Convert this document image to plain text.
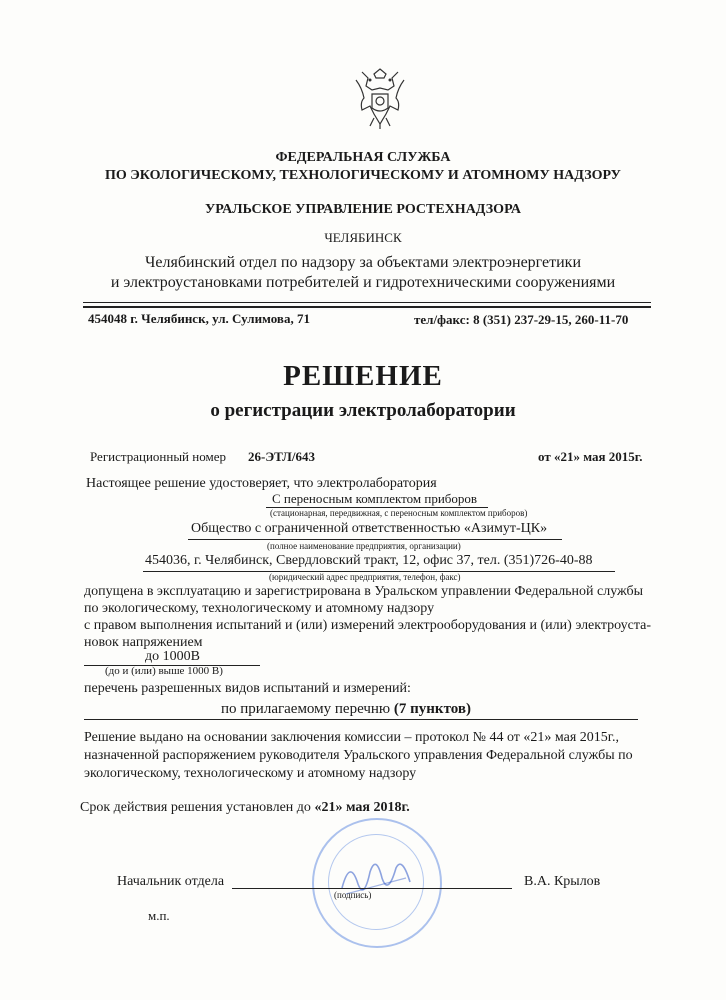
ФЕДЕРАЛЬНАЯ СЛУЖБА
ПО ЭКОЛОГИЧЕСКОМУ, ТЕХНОЛОГИЧЕСКОМУ И АТОМНОМУ НАДЗОРУ
УРАЛЬСКОЕ УПРАВЛЕНИЕ РОСТЕХНАДЗОРА
ЧЕЛЯБИНСК
Челябинский отдел по надзору за объектами электроэнергетики
и электроустановками потребителей и гидротехническими сооружениями
454048 г. Челябинск, ул. Сулимова, 71	тел/факс: 8 (351) 237-29-15, 260-11-70
РЕШЕНИЕ
о регистрации электролаборатории
Регистрационный номер 26-ЭТЛ/643	от «21» мая 2015г.
Настоящее решение удостоверяет, что электролаборатория
С переносным комплектом приборов
(стационарная, передвижная, с переносным комплектом приборов)
Общество с ограниченной ответственностью «Азимут-ЦК»
(полное наименование предприятия, организации)
454036, г. Челябинск, Свердловский тракт, 12, офис 37, тел. (351)726-40-88
(юридический адрес предприятия, телефон, факс)
допущена в эксплуатацию и зарегистрирована в Уральском управлении Федеральной службы
по экологическому, технологическому и атомному надзору
с правом выполнения испытаний и (или) измерений электрооборудования и (или) электроуста-
новок напряжением
до 1000В
(до и (или) выше 1000 В)
перечень разрешенных видов испытаний и измерений:
по прилагаемому перечню (7 пунктов)
Решение выдано на основании заключения комиссии – протокол № 44 от «21» мая 2015г.,
назначенной распоряжением руководителя Уральского управления Федеральной службы по
экологическому, технологическому и атомному надзору
Срок действия решения установлен до «21» мая 2018г.
Начальник отдела
(подпись)
В.А. Крылов
м.п.
